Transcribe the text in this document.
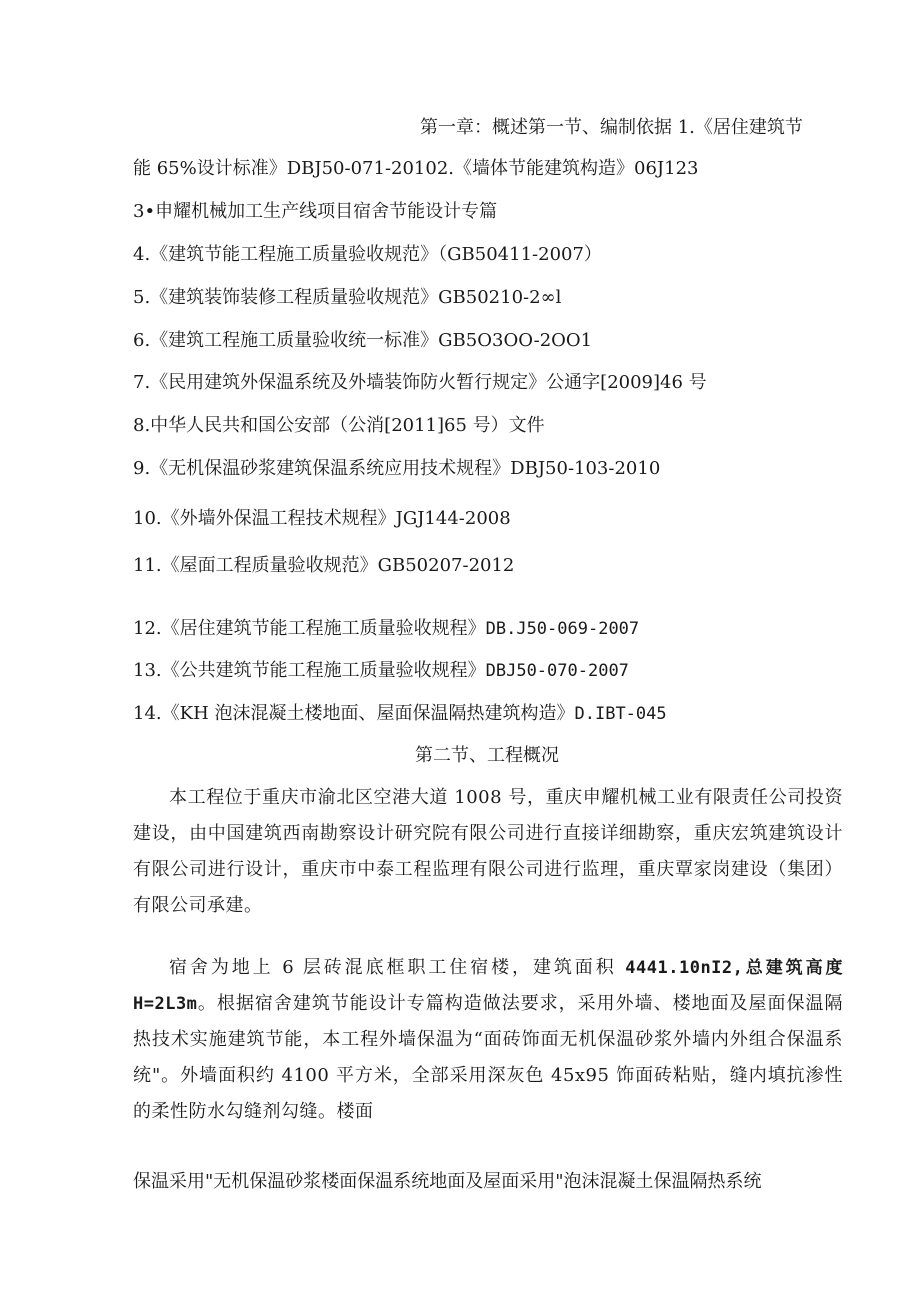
第一章：概述第一节、编制依据 1.《居住建筑节
能 65%设计标准》DBJ50-071-20102.《墙体节能建筑构造》06J123
3•申耀机械加工生产线项目宿舍节能设计专篇
4.《建筑节能工程施工质量验收规范》（GB50411-2007）
5.《建筑装饰装修工程质量验收规范》GB50210-2∞l
6.《建筑工程施工质量验收统一标准》GB5O3OO-2OO1
7.《民用建筑外保温系统及外墙装饰防火暂行规定》公通字[2009]46 号
8.中华人民共和国公安部（公消[2011]65 号）文件
9.《无机保温砂浆建筑保温系统应用技术规程》DBJ50-103-2010
10.《外墙外保温工程技术规程》JGJ144-2008
11.《屋面工程质量验收规范》GB50207-2012
12.《居住建筑节能工程施工质量验收规程》DB.J50-069-2007
13.《公共建筑节能工程施工质量验收规程》DBJ50-070-2007
14.《KH 泡沫混凝土楼地面、屋面保温隔热建筑构造》D.IBT-045
第二节、工程概况
本工程位于重庆市渝北区空港大道 1008 号，重庆申耀机械工业有限责任公司投资建设，由中国建筑西南勘察设计研究院有限公司进行直接详细勘察，重庆宏筑建筑设计有限公司进行设计，重庆市中泰工程监理有限公司进行监理，重庆覃家岗建设（集团）有限公司承建。
宿舍为地上 6 层砖混底框职工住宿楼，建筑面积 4441.10nI2,总建筑高度 H=2L3m。根据宿舍建筑节能设计专篇构造做法要求，采用外墙、楼地面及屋面保温隔热技术实施建筑节能，本工程外墙保温为“面砖饰面无机保温砂浆外墙内外组合保温系统"。外墙面积约 4100 平方米，全部采用深灰色 45x95 饰面砖粘贴，缝内填抗渗性的柔性防水勾缝剂勾缝。楼面
保温采用"无机保温砂浆楼面保温系统地面及屋面采用"泡沫混凝土保温隔热系统
